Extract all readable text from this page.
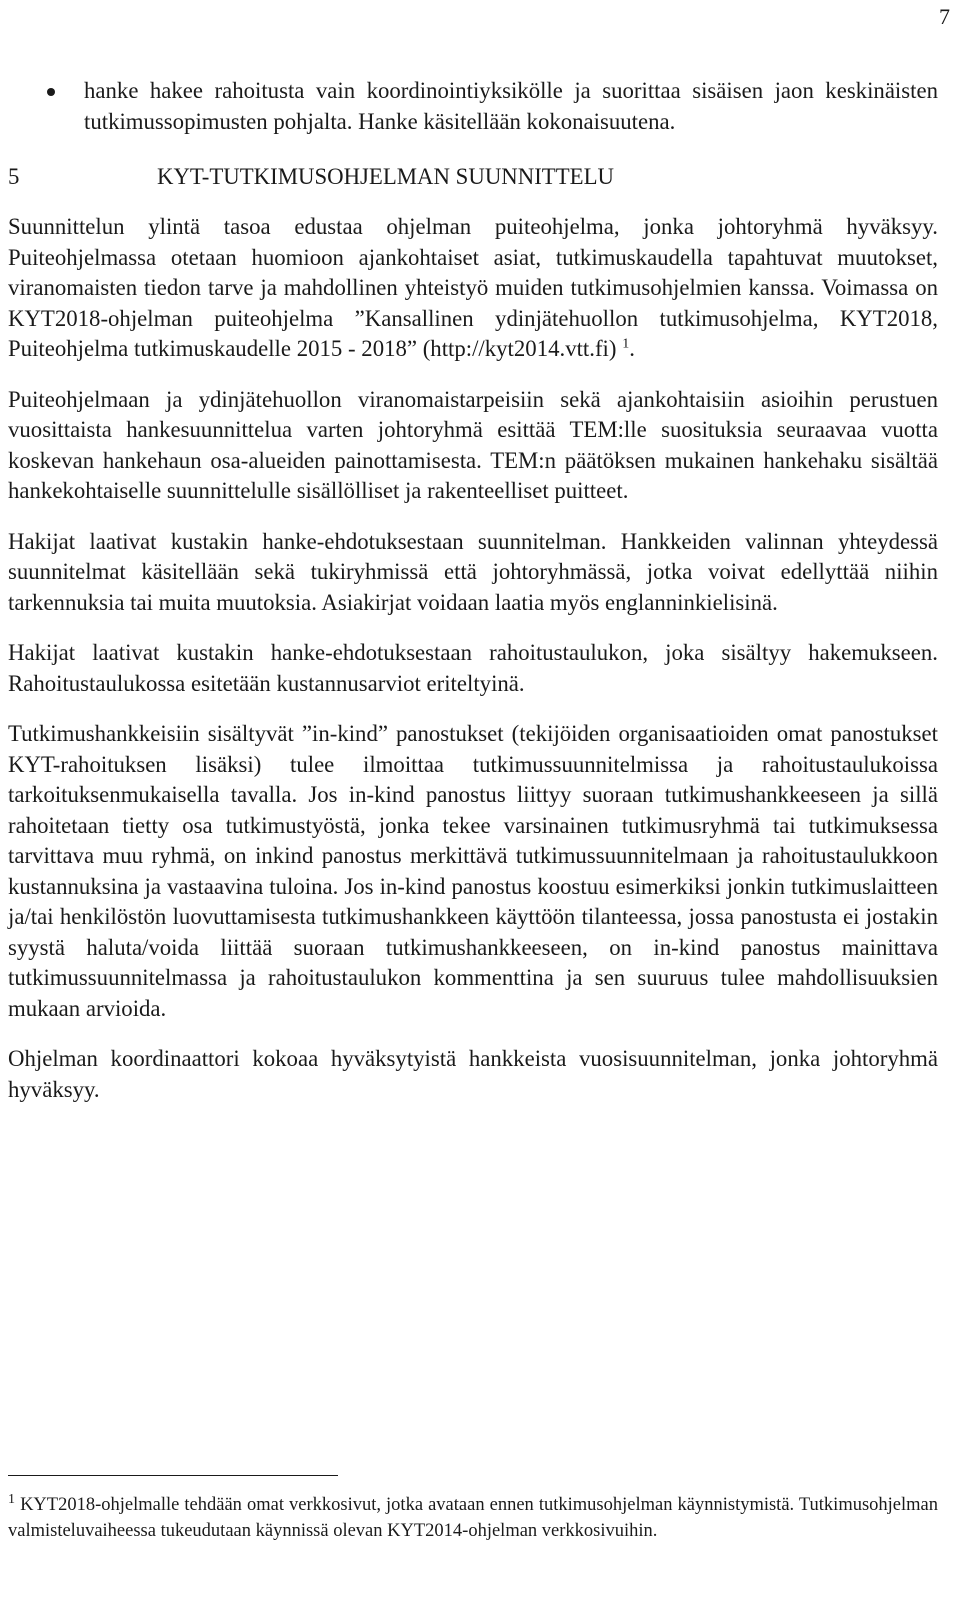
7

hanke hakee rahoitusta vain koordinointiyksikölle ja suorittaa sisäisen jaon keskinäisten tutkimussopimusten pohjalta. Hanke käsitellään kokonaisuutena.

5	KYT-TUTKIMUSOHJELMAN SUUNNITTELU

Suunnittelun ylintä tasoa edustaa ohjelman puiteohjelma, jonka johtoryhmä hyväksyy. Puiteohjelmassa otetaan huomioon ajankohtaiset asiat, tutkimuskaudella tapahtuvat muutokset, viranomaisten tiedon tarve ja mahdollinen yhteistyö muiden tutkimusohjelmien kanssa. Voimassa on KYT2018-ohjelman puiteohjelma ”Kansallinen ydinjätehuollon tutkimusohjelma, KYT2018, Puiteohjelma tutkimuskaudelle 2015 - 2018” (http://kyt2014.vtt.fi) $^1$.

Puiteohjelmaan ja ydinjätehuollon viranomaistarpeisiin sekä ajankohtaisiin asioihin perustuen vuosittaista hankesuunnittelua varten johtoryhmä esittää TEM:lle suosituksia seuraavaa vuotta koskevan hankehaun osa-alueiden painottamisesta. TEM:n päätöksen mukainen hankehaku sisältää hankekohtaiselle suunnittelulle sisällölliset ja rakenteelliset puitteet.

Hakijat laativat kustakin hanke-ehdotuksestaan suunnitelman. Hankkeiden valinnan yhteydessä suunnitelmat käsitellään sekä tukiryhmissä että johtoryhmässä, jotka voivat edellyttää niihin tarkennuksia tai muita muutoksia. Asiakirjat voidaan laatia myös englanninkielisinä.

Hakijat laativat kustakin hanke-ehdotuksestaan rahoitustaulukon, joka sisältyy hakemukseen. Rahoitustaulukossa esitetään kustannusarviot eriteltyinä.

Tutkimushankkeisiin sisältyvät ”in-kind” panostukset (tekijöiden organisaatioiden omat panostukset KYT-rahoituksen lisäksi) tulee ilmoittaa tutkimussuunnitelmissa ja rahoitustaulukoissa tarkoituksenmukaisella tavalla. Jos in-kind panostus liittyy suoraan tutkimushankkeeseen ja sillä rahoitetaan tietty osa tutkimustyöstä, jonka tekee varsinainen tutkimusryhmä tai tutkimuksessa tarvittava muu ryhmä, on inkind panostus merkittävä tutkimussuunnitelmaan ja rahoitustaulukkoon kustannuksina ja vastaavina tuloina. Jos in-kind panostus koostuu esimerkiksi jonkin tutkimuslaitteen ja/tai henkilöstön luovuttamisesta tutkimushankkeen käyttöön tilanteessa, jossa panostusta ei jostakin syystä haluta/voida liittää suoraan tutkimushankkeeseen, on in-kind panostus mainittava tutkimussuunnitelmassa ja rahoitustaulukon kommenttina ja sen suuruus tulee mahdollisuuksien mukaan arvioida.

Ohjelman koordinaattori kokoaa hyväksytyistä hankkeista vuosisuunnitelman, jonka johtoryhmä hyväksyy.

$^1$ KYT2018-ohjelmalle tehdään omat verkkosivut, jotka avataan ennen tutkimusohjelman käynnistymistä. Tutkimusohjelman valmisteluvaiheessa tukeudutaan käynnissä olevan KYT2014-ohjelman verkkosivuihin.
